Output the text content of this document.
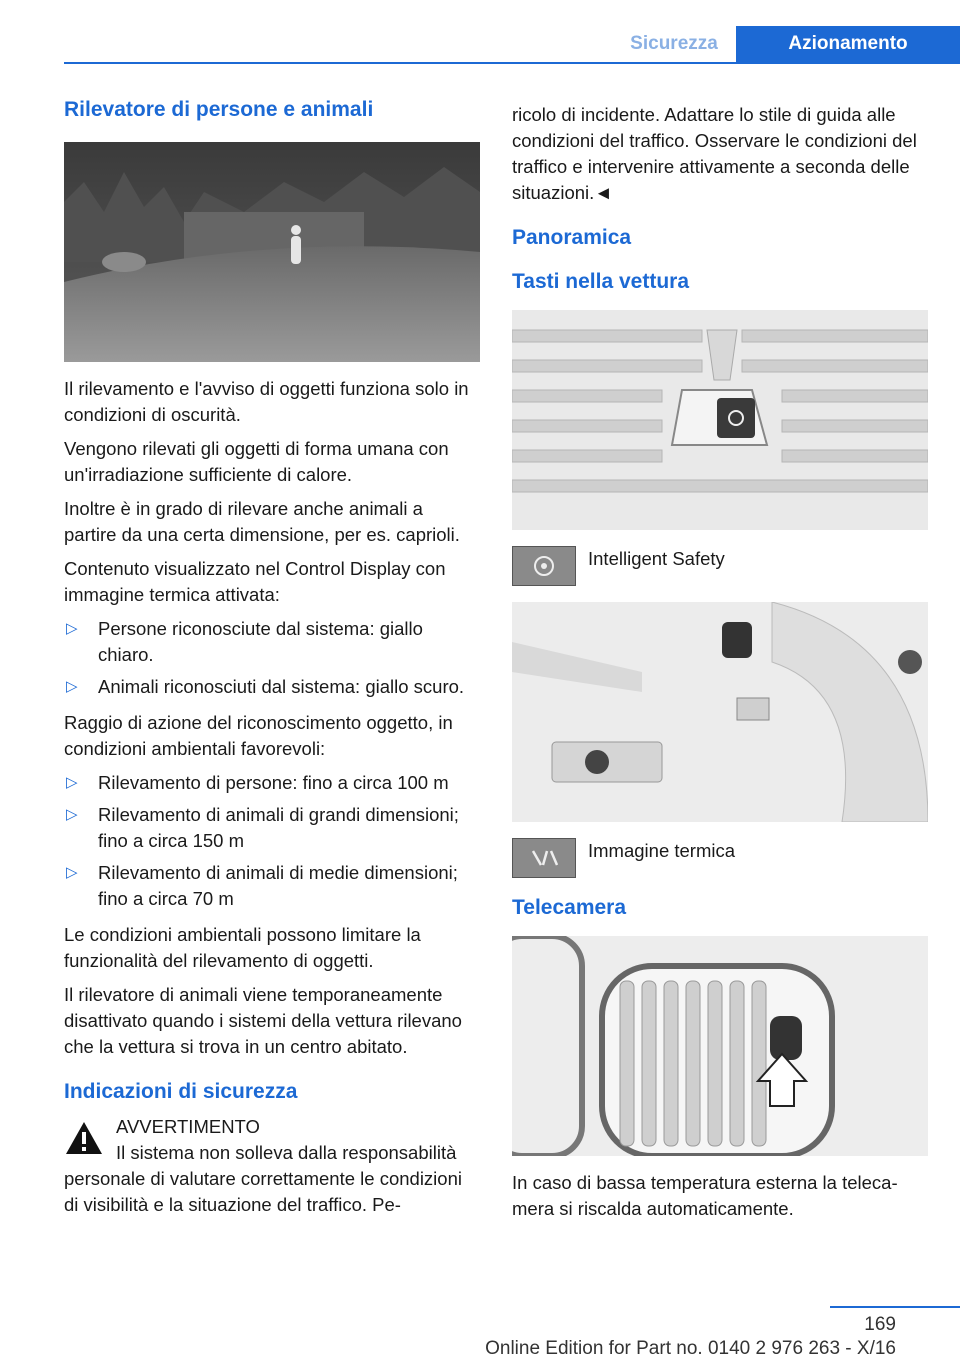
Sicurezza	Azionamento
Rilevatore di persone e animali

Il rilevamento e l'avviso di oggetti funziona solo in condizioni di oscurità.

Vengono rilevati gli oggetti di forma umana con un'irradiazione sufficiente di calore.

Inoltre è in grado di rilevare anche animali a partire da una certa dimensione, per es. caprioli.

Contenuto visualizzato nel Control Display con immagine termica attivata:

▷ Persone riconosciute dal sistema: giallo chiaro.
▷ Animali riconosciuti dal sistema: giallo scuro.

Raggio di azione del riconoscimento oggetto, in condizioni ambientali favorevoli:

▷ Rilevamento di persone: fino a circa 100 m
▷ Rilevamento di animali di grandi dimensioni; fino a circa 150 m
▷ Rilevamento di animali di medie dimensioni; fino a circa 70 m

Le condizioni ambientali possono limitare la funzionalità del rilevamento di oggetti.

Il rilevatore di animali viene temporaneamente disattivato quando i sistemi della vettura rilevano che la vettura si trova in un centro abitato.

Indicazioni di sicurezza
AVVERTIMENTO
Il sistema non solleva dalla responsabilità personale di valutare correttamente le condizioni di visibilità e la situazione del traffico. Pe-

ricolo di incidente. Adattare lo stile di guida alle condizioni del traffico. Osservare le condizioni del traffico e intervenire attivamente a seconda delle situazioni.◄

Panoramica
Tasti nella vettura
Intelligent Safety
Immagine termica
Telecamera

In caso di bassa temperatura esterna la telecamera si riscalda automaticamente.

169
Online Edition for Part no. 0140 2 976 263 - X/16
